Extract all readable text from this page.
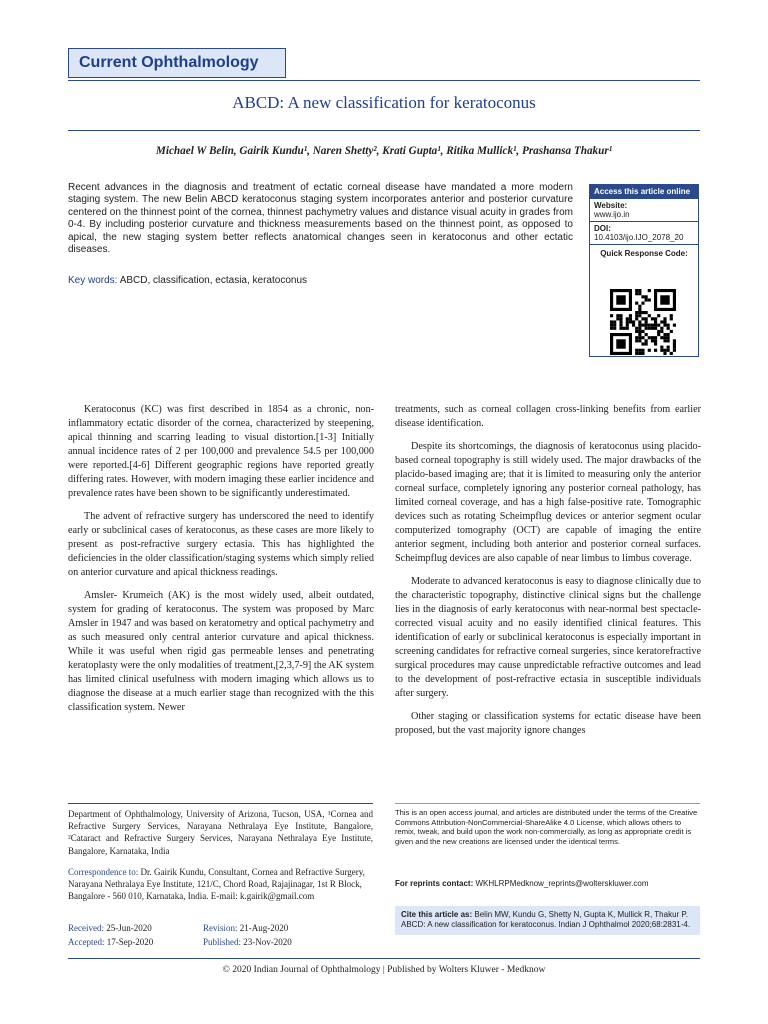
Current Ophthalmology
ABCD: A new classification for keratoconus
Michael W Belin, Gairik Kundu¹, Naren Shetty², Krati Gupta¹, Ritika Mullick¹, Prashansa Thakur¹
Recent advances in the diagnosis and treatment of ectatic corneal disease have mandated a more modern staging system. The new Belin ABCD keratoconus staging system incorporates anterior and posterior curvature centered on the thinnest point of the cornea, thinnest pachymetry values and distance visual acuity in grades from 0-4. By including posterior curvature and thickness measurements based on the thinnest point, as opposed to apical, the new staging system better reflects anatomical changes seen in keratoconus and other ectatic diseases.
Key words: ABCD, classification, ectasia, keratoconus
Access this article online
Website:
www.ijo.in
DOI:
10.4103/ijo.IJO_2078_20
Quick Response Code:

Keratoconus (KC) was first described in 1854 as a chronic, non-inflammatory ectatic disorder of the cornea, characterized by steepening, apical thinning and scarring leading to visual distortion.[1-3] Initially annual incidence rates of 2 per 100,000 and prevalence 54.5 per 100,000 were reported.[4-6] Different geographic regions have reported greatly differing rates. However, with modern imaging these earlier incidence and prevalence rates have been shown to be significantly underestimated.

The advent of refractive surgery has underscored the need to identify early or subclinical cases of keratoconus, as these cases are more likely to present as post-refractive surgery ectasia. This has highlighted the deficiencies in the older classification/staging systems which simply relied on anterior curvature and apical thickness readings.

Amsler- Krumeich (AK) is the most widely used, albeit outdated, system for grading of keratoconus. The system was proposed by Marc Amsler in 1947 and was based on keratometry and optical pachymetry and as such measured only central anterior curvature and apical thickness. While it was useful when rigid gas permeable lenses and penetrating keratoplasty were the only modalities of treatment,[2,3,7-9] the AK system has limited clinical usefulness with modern imaging which allows us to diagnose the disease at a much earlier stage than recognized with the this classification system. Newer

treatments, such as corneal collagen cross-linking benefits from earlier disease identification.

Despite its shortcomings, the diagnosis of keratoconus using placido-based corneal topography is still widely used. The major drawbacks of the placido-based imaging are; that it is limited to measuring only the anterior corneal surface, completely ignoring any posterior corneal pathology, has limited corneal coverage, and has a high false-positive rate. Tomographic devices such as rotating Scheimpflug devices or anterior segment ocular computerized tomography (OCT) are capable of imaging the entire anterior segment, including both anterior and posterior corneal surfaces. Scheimpflug devices are also capable of near limbus to limbus coverage.

Moderate to advanced keratoconus is easy to diagnose clinically due to the characteristic topography, distinctive clinical signs but the challenge lies in the diagnosis of early keratoconus with near-normal best spectacle-corrected visual acuity and no easily identified clinical features. This identification of early or subclinical keratoconus is especially important in screening candidates for refractive corneal surgeries, since keratorefractive surgical procedures may cause unpredictable refractive outcomes and lead to the development of post-refractive ectasia in susceptible individuals after surgery.

Other staging or classification systems for ectatic disease have been proposed, but the vast majority ignore changes

Department of Ophthalmology, University of Arizona, Tucson, USA, ¹Cornea and Refractive Surgery Services, Narayana Nethralaya Eye Institute, Bangalore, ²Cataract and Refractive Surgery Services, Narayana Nethralaya Eye Institute, Bangalore, Karnataka, India
Correspondence to: Dr. Gairik Kundu, Consultant, Cornea and Refractive Surgery, Narayana Nethralaya Eye Institute, 121/C, Chord Road, Rajajinagar, 1st R Block, Bangalore - 560 010, Karnataka, India. E-mail: k.gairik@gmail.com
Received: 25-Jun-2020	Revision: 21-Aug-2020
Accepted: 17-Sep-2020	Published: 23-Nov-2020
This is an open access journal, and articles are distributed under the terms of the Creative Commons Attribution-NonCommercial-ShareAlike 4.0 License, which allows others to remix, tweak, and build upon the work non-commercially, as long as appropriate credit is given and the new creations are licensed under the identical terms.
For reprints contact: WKHLRPMedknow_reprints@wolterskluwer.com
Cite this article as: Belin MW, Kundu G, Shetty N, Gupta K, Mullick R, Thakur P. ABCD: A new classification for keratoconus. Indian J Ophthalmol 2020;68:2831-4.
© 2020 Indian Journal of Ophthalmology | Published by Wolters Kluwer - Medknow
